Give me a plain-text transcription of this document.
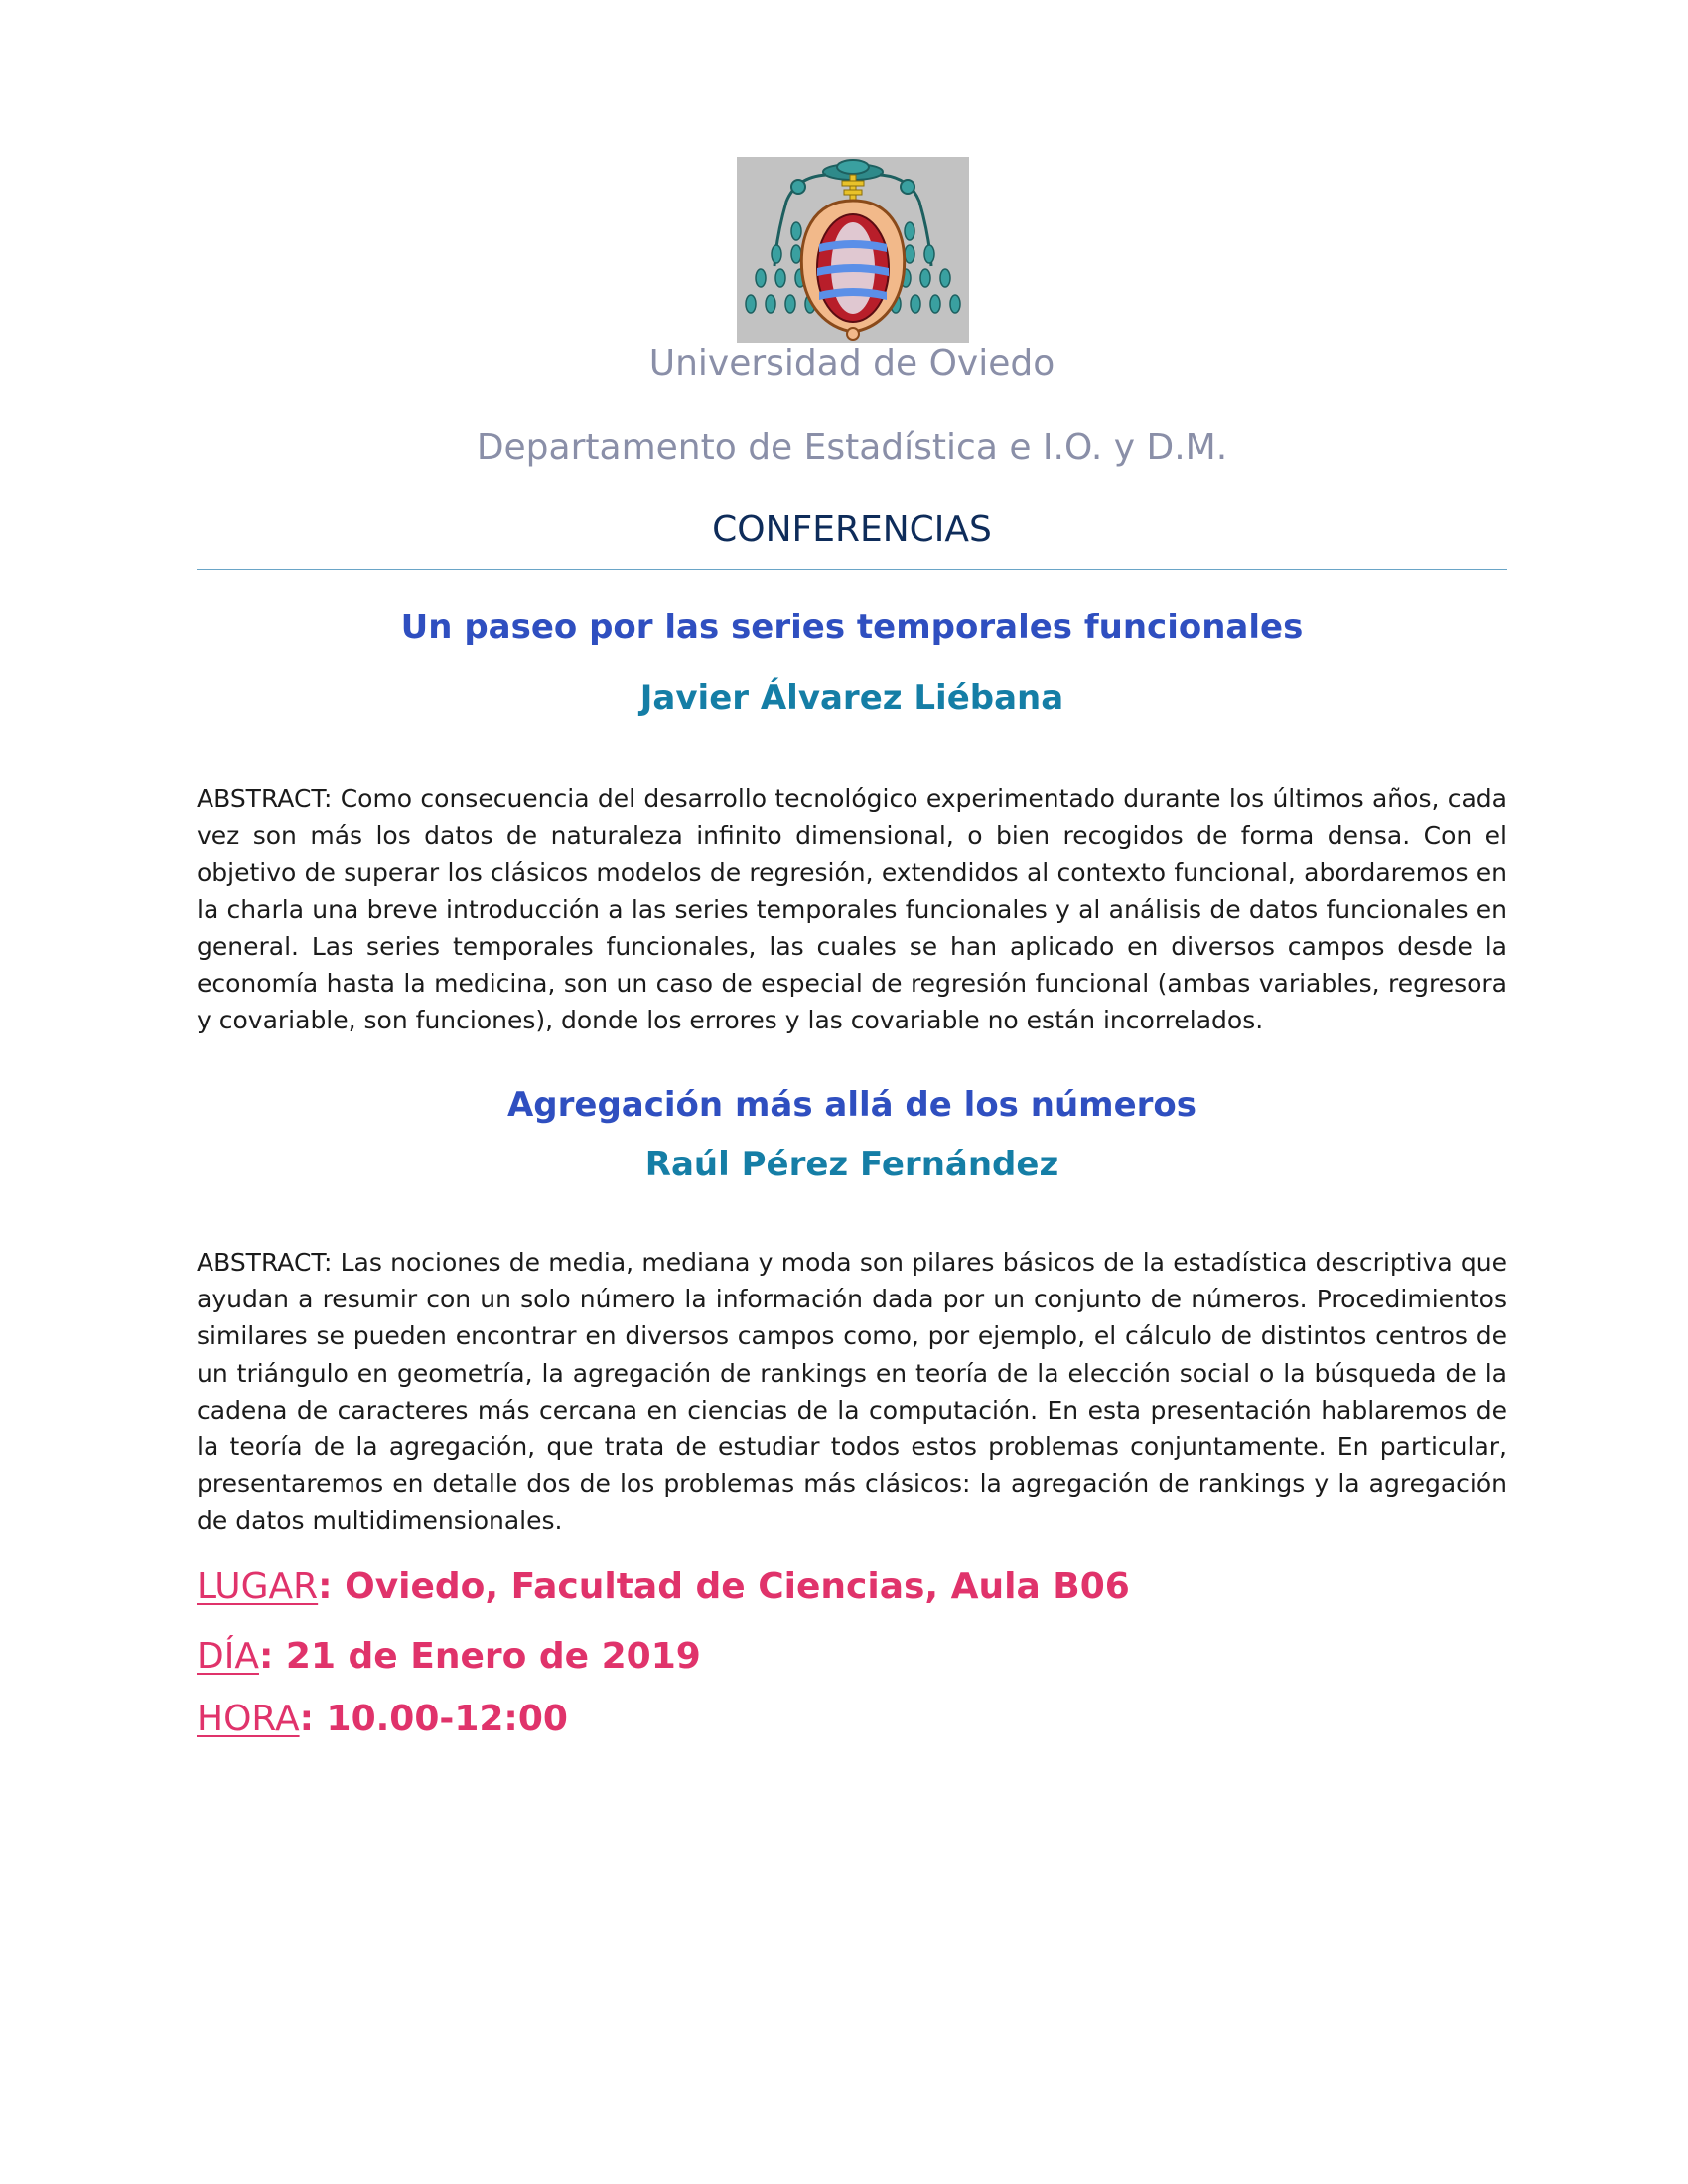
Universidad de Oviedo
Departamento de Estadística e I.O. y D.M.
CONFERENCIAS
Un paseo por las series temporales funcionales
Javier Álvarez Liébana

ABSTRACT: Como consecuencia del desarrollo tecnológico experimentado durante los últimos años, cada vez son más los datos de naturaleza infinito dimensional, o bien recogidos de forma densa. Con el objetivo de superar los clásicos modelos de regresión, extendidos al contexto funcional, abordaremos en la charla una breve introducción a las series temporales funcionales y al análisis de datos funcionales en general. Las series temporales funcionales, las cuales se han aplicado en diversos campos desde la economía hasta la medicina, son un caso de especial de regresión funcional (ambas variables, regresora y covariable, son funciones), donde los errores y las covariable no están incorrelados.

Agregación más allá de los números
Raúl Pérez Fernández

ABSTRACT: Las nociones de media, mediana y moda son pilares básicos de la estadística descriptiva que ayudan a resumir con un solo número la información dada por un conjunto de números. Procedimientos similares se pueden encontrar en diversos campos como, por ejemplo, el cálculo de distintos centros de un triángulo en geometría, la agregación de rankings en teoría de la elección social o la búsqueda de la cadena de caracteres más cercana en ciencias de la computación. En esta presentación hablaremos de la teoría de la agregación, que trata de estudiar todos estos problemas conjuntamente. En particular, presentaremos en detalle dos de los problemas más clásicos: la agregación de rankings y la agregación de datos multidimensionales.

LUGAR: Oviedo, Facultad de Ciencias, Aula B06
DÍA: 21 de Enero de 2019
HORA: 10.00-12:00
